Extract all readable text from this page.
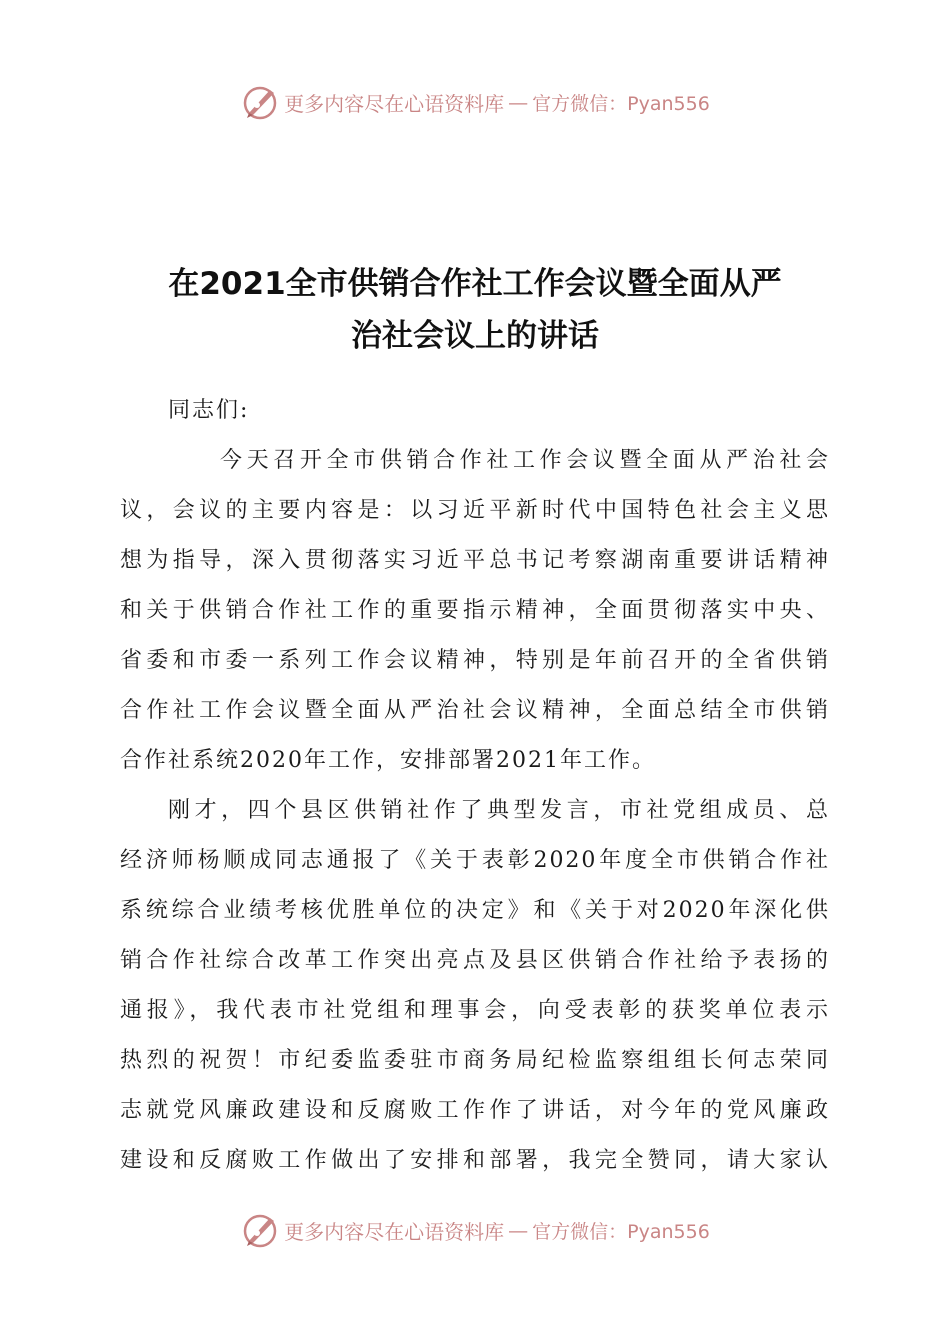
更多内容尽在心语资料库 — 官方微信：Pyan556
在2021全市供销合作社工作会议暨全面从严
治社会议上的讲话
同志们:
今天召开全市供销合作社工作会议暨全面从严治社会
议，会议的主要内容是：以习近平新时代中国特色社会主义思
想为指导，深入贯彻落实习近平总书记考察湖南重要讲话精神
和关于供销合作社工作的重要指示精神，全面贯彻落实中央、
省委和市委一系列工作会议精神，特别是年前召开的全省供销
合作社工作会议暨全面从严治社会议精神，全面总结全市供销
合作社系统2020年工作，安排部署2021年工作。
刚才，四个县区供销社作了典型发言，市社党组成员、总
经济师杨顺成同志通报了《关于表彰2020年度全市供销合作社
系统综合业绩考核优胜单位的决定》和《关于对2020年深化供
销合作社综合改革工作突出亮点及县区供销合作社给予表扬的
通报》，我代表市社党组和理事会，向受表彰的获奖单位表示
热烈的祝贺！市纪委监委驻市商务局纪检监察组组长何志荣同
志就党风廉政建设和反腐败工作作了讲话，对今年的党风廉政
建设和反腐败工作做出了安排和部署，我完全赞同，请大家认
更多内容尽在心语资料库 — 官方微信：Pyan556
